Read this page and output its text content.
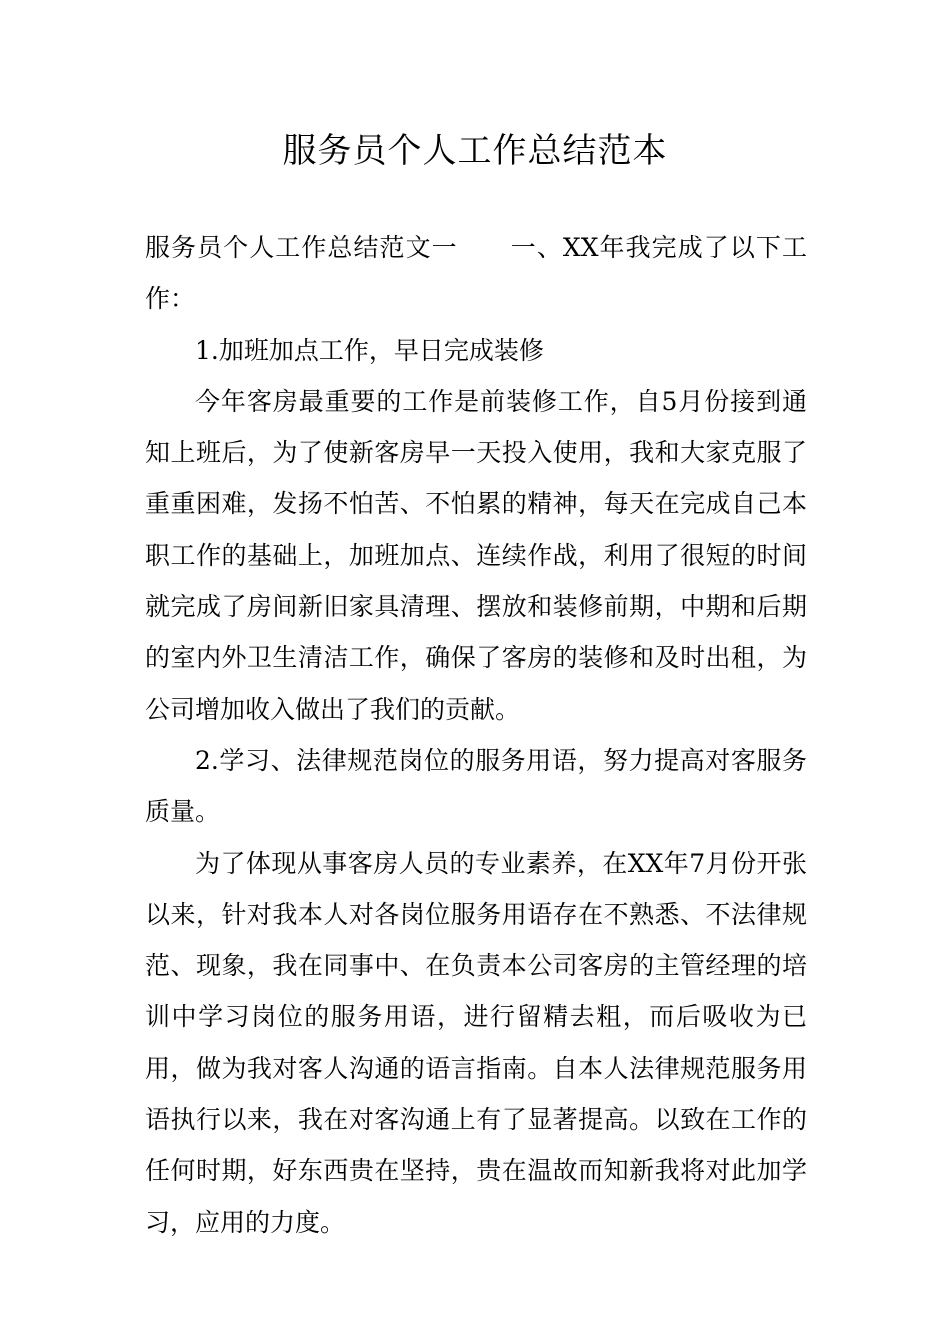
服务员个人工作总结范本

服务员个人工作总结范文一 一、XX年我完成了以下工作：

1.加班加点工作，早日完成装修

今年客房最重要的工作是前装修工作，自5月份接到通知上班后，为了使新客房早一天投入使用，我和大家克服了重重困难，发扬不怕苦、不怕累的精神，每天在完成自己本职工作的基础上，加班加点、连续作战，利用了很短的时间就完成了房间新旧家具清理、摆放和装修前期，中期和后期的室内外卫生清洁工作，确保了客房的装修和及时出租，为公司增加收入做出了我们的贡献。

2.学习、法律规范岗位的服务用语，努力提高对客服务质量。

为了体现从事客房人员的专业素养，在XX年7月份开张以来，针对我本人对各岗位服务用语存在不熟悉、不法律规范、现象，我在同事中、在负责本公司客房的主管经理的培训中学习岗位的服务用语，进行留精去粗，而后吸收为已用，做为我对客人沟通的语言指南。自本人法律规范服务用语执行以来，我在对客沟通上有了显著提高。以致在工作的任何时期，好东西贵在坚持，贵在温故而知新我将对此加学习，应用的力度。
